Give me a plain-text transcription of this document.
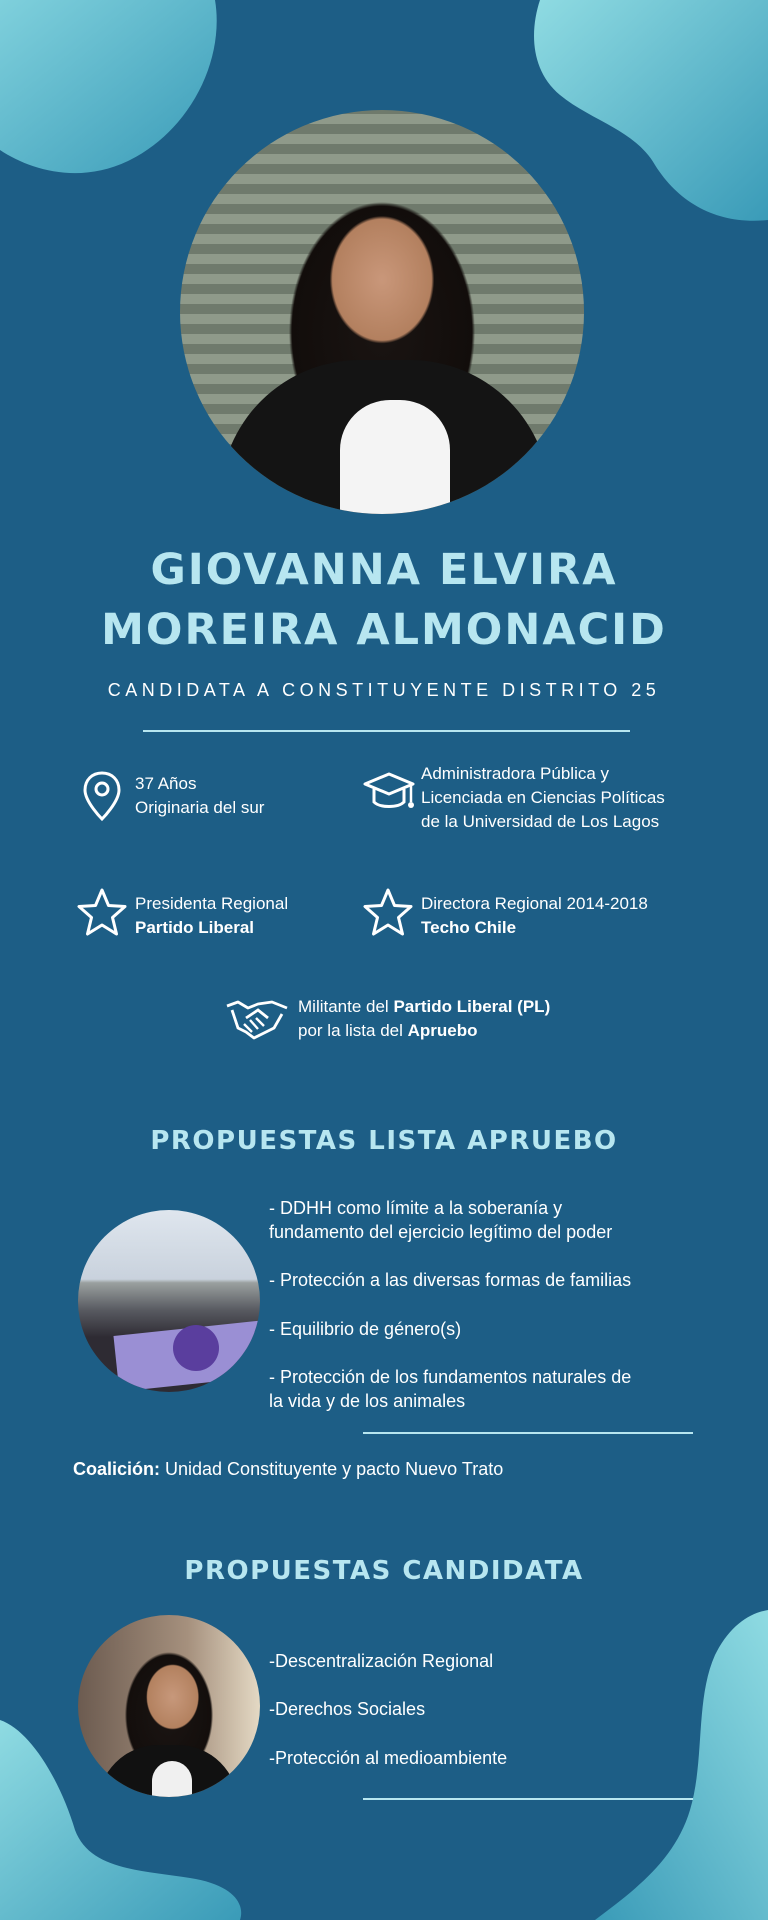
GIOVANNA ELVIRA
MOREIRA ALMONACID
CANDIDATA A CONSTITUYENTE DISTRITO 25
37 Años
Originaria del sur
Administradora Pública y
Licenciada en Ciencias Políticas
de la Universidad de Los Lagos
Presidenta Regional
Partido Liberal
Directora Regional 2014-2018
Techo Chile
Militante del Partido Liberal (PL)
por la lista del Apruebo
PROPUESTAS LISTA APRUEBO
- DDHH como límite a la soberanía y
fundamento del ejercicio legítimo del poder
- Protección a las diversas formas de familias
- Equilibrio de género(s)
- Protección de los fundamentos naturales de
la vida y de los animales
Coalición: Unidad Constituyente y pacto Nuevo Trato
PROPUESTAS CANDIDATA
-Descentralización Regional
-Derechos Sociales
-Protección al medioambiente
